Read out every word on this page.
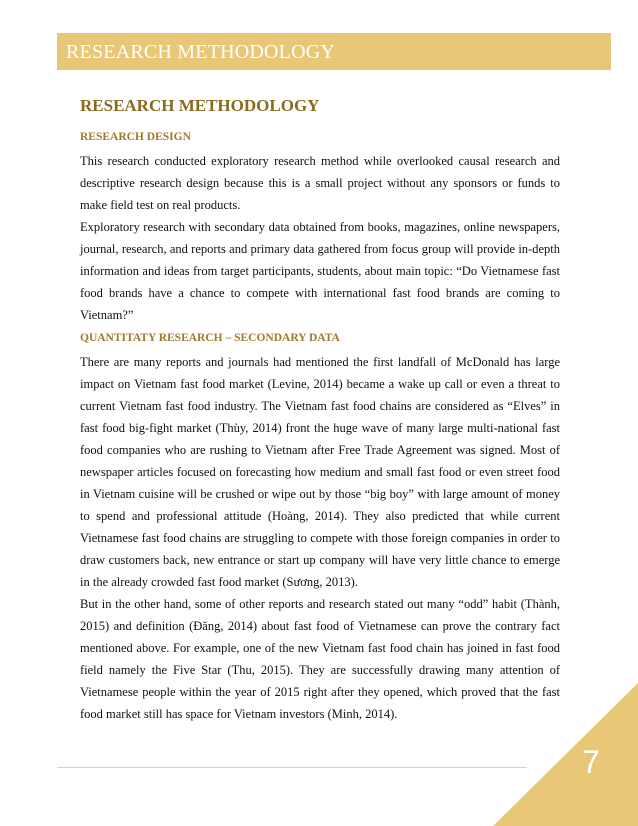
RESEARCH METHODOLOGY
RESEARCH METHODOLOGY
RESEARCH DESIGN

This research conducted exploratory research method while overlooked causal research and descriptive research design because this is a small project without any sponsors or funds to make field test on real products.

Exploratory research with secondary data obtained from books, magazines, online newspapers, journal, research, and reports and primary data gathered from focus group will provide in-depth information and ideas from target participants, students, about main topic: “Do Vietnamese fast food brands have a chance to compete with international fast food brands are coming to Vietnam?”

QUANTITATY RESEARCH – SECONDARY DATA

There are many reports and journals had mentioned the first landfall of McDonald has large impact on Vietnam fast food market (Levine, 2014) became a wake up call or even a threat to current Vietnam fast food industry. The Vietnam fast food chains are considered as “Elves” in fast food big-fight market (Thùy, 2014) front the huge wave of many large multi-national fast food companies who are rushing to Vietnam after Free Trade Agreement was signed. Most of newspaper articles focused on forecasting how medium and small fast food or even street food in Vietnam cuisine will be crushed or wipe out by those “big boy” with large amount of money to spend and professional attitude (Hoàng, 2014). They also predicted that while current Vietnamese fast food chains are struggling to compete with those foreign companies in order to draw customers back, new entrance or start up company will have very little chance to emerge in the already crowded fast food market (Sương, 2013).

But in the other hand, some of other reports and research stated out many “odd” habit (Thành, 2015) and definition (Đăng, 2014) about fast food of Vietnamese can prove the contrary fact mentioned above. For example, one of the new Vietnam fast food chain has joined in fast food field namely the Five Star (Thu, 2015). They are successfully drawing many attention of Vietnamese people within the year of 2015 right after they opened, which proved that the fast food market still has space for Vietnam investors (Minh, 2014).

7
